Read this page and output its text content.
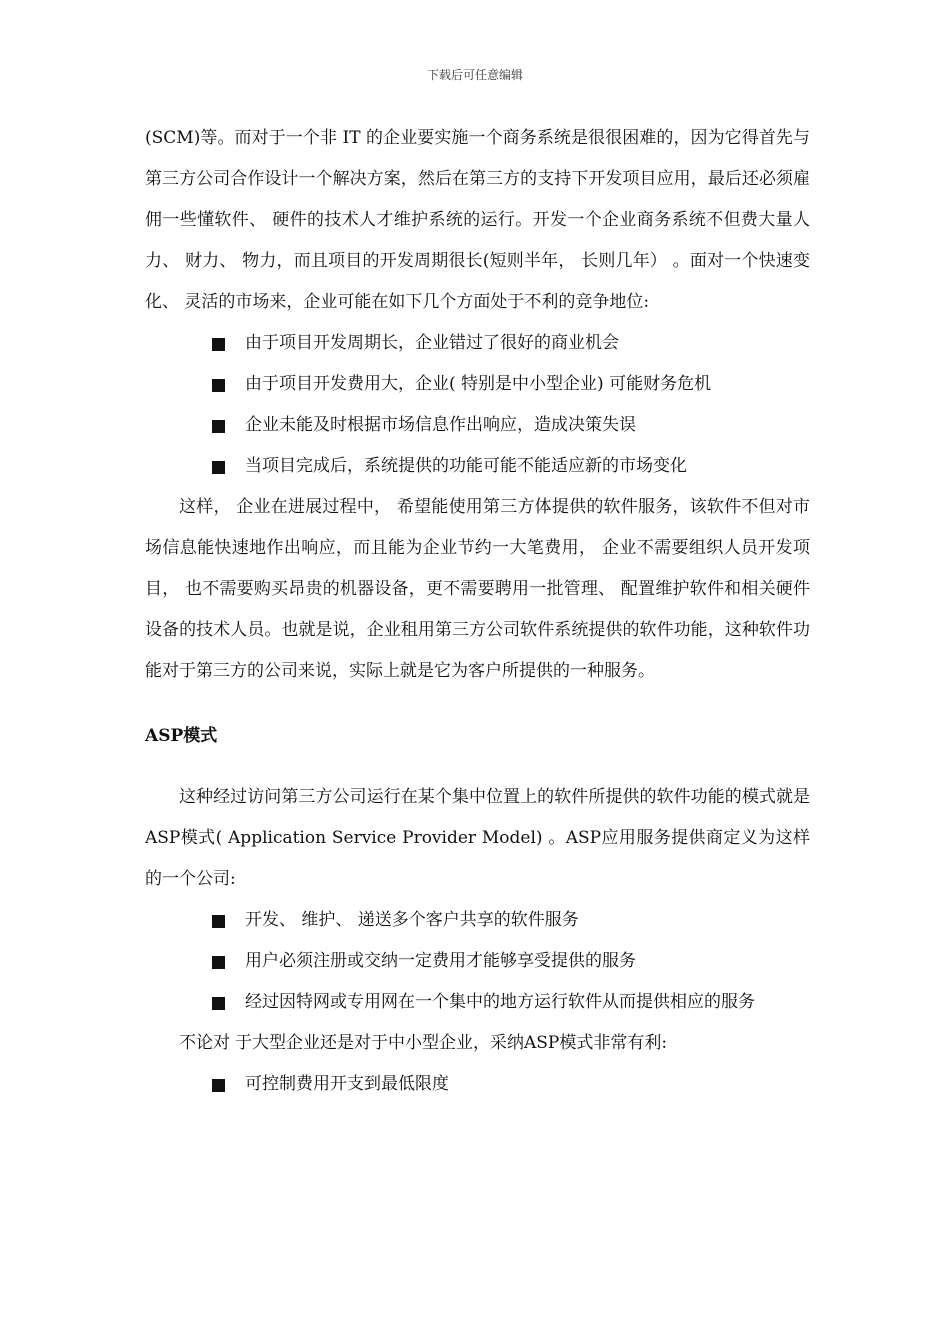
下载后可任意编辑

(SCM)等。而对于一个非 IT 的企业要实施一个商务系统是很很困难的，因为它得首先与第三方公司合作设计一个解决方案，然后在第三方的支持下开发项目应用，最后还必须雇佣一些懂软件、 硬件的技术人才维护系统的运行。开发一个企业商务系统不但费大量人力、 财力、 物力，而且项目的开发周期很长(短则半年， 长则几年） 。面对一个快速变化、 灵活的市场来，企业可能在如下几个方面处于不利的竞争地位:

由于项目开发周期长，企业错过了很好的商业机会
由于项目开发费用大，企业( 特别是中小型企业) 可能财务危机
企业未能及时根据市场信息作出响应，造成决策失误
当项目完成后，系统提供的功能可能不能适应新的市场变化

这样， 企业在进展过程中， 希望能使用第三方体提供的软件服务，该软件不但对市场信息能快速地作出响应，而且能为企业节约一大笔费用， 企业不需要组织人员开发项目， 也不需要购买昂贵的机器设备，更不需要聘用一批管理、 配置维护软件和相关硬件设备的技术人员。也就是说，企业租用第三方公司软件系统提供的软件功能，这种软件功能对于第三方的公司来说，实际上就是它为客户所提供的一种服务。

ASP模式

这种经过访问第三方公司运行在某个集中位置上的软件所提供的软件功能的模式就是ASP模式( Application Service Provider Model) 。ASP应用服务提供商定义为这样的一个公司:

开发、 维护、 递送多个客户共享的软件服务
用户必须注册或交纳一定费用才能够享受提供的服务
经过因特网或专用网在一个集中的地方运行软件从而提供相应的服务

不论对 于大型企业还是对于中小型企业，采纳ASP模式非常有利:

可控制费用开支到最低限度
